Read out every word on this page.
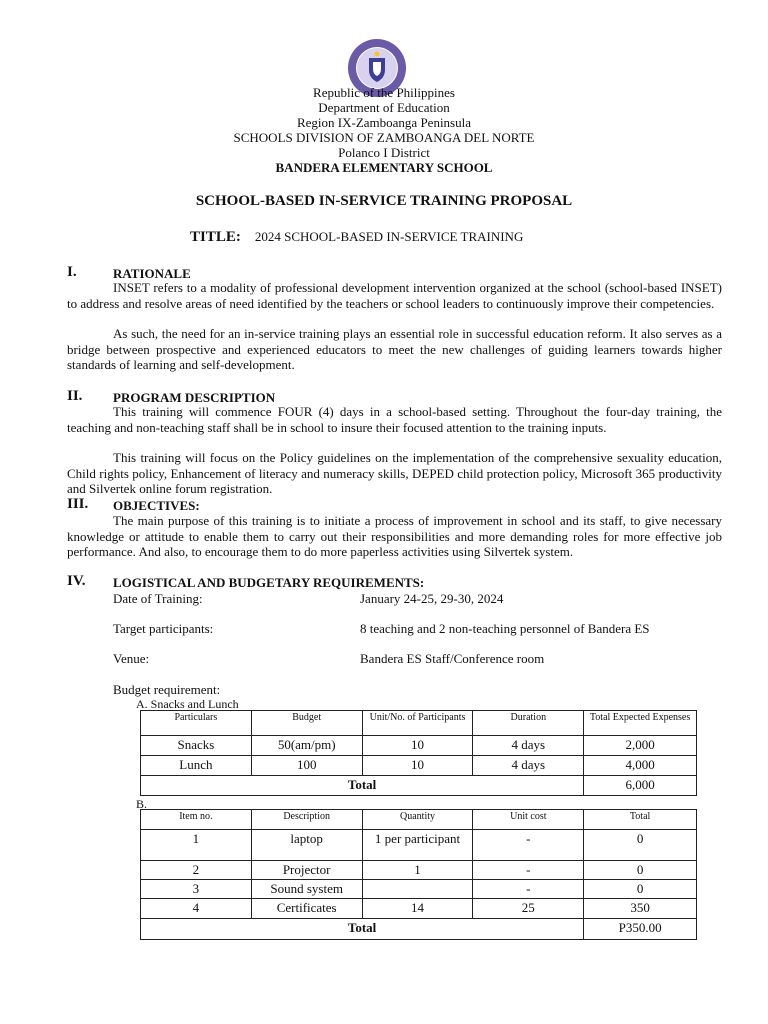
Republic of the Philippines
Department of Education
Region IX-Zamboanga Peninsula
SCHOOLS DIVISION OF ZAMBOANGA DEL NORTE
Polanco I District
BANDERA ELEMENTARY SCHOOL
SCHOOL-BASED IN-SERVICE TRAINING PROPOSAL
TITLE: 2024 SCHOOL-BASED IN-SERVICE TRAINING
I.	RATIONALE
INSET refers to a modality of professional development intervention organized at the school (school-based INSET) to address and resolve areas of need identified by the teachers or school leaders to continuously improve their competencies.
As such, the need for an in-service training plays an essential role in successful education reform. It also serves as a bridge between prospective and experienced educators to meet the new challenges of guiding learners towards higher standards of learning and self-development.
II. PROGRAM DESCRIPTION
This training will commence FOUR (4) days in a school-based setting. Throughout the four-day training, the teaching and non-teaching staff shall be in school to insure their focused attention to the training inputs.
This training will focus on the Policy guidelines on the implementation of the comprehensive sexuality education, Child rights policy, Enhancement of literacy and numeracy skills, DEPED child protection policy, Microsoft 365 productivity and Silvertek online forum registration.
III. OBJECTIVES:
The main purpose of this training is to initiate a process of improvement in school and its staff, to give necessary knowledge or attitude to enable them to carry out their responsibilities and more demanding roles for more effective job performance. And also, to encourage them to do more paperless activities using Silvertek system.
IV. LOGISTICAL AND BUDGETARY REQUIREMENTS:
Date of Training:	January 24-25, 29-30, 2024
Target participants:	8 teaching and 2 non-teaching personnel of Bandera ES
Venue:	Bandera ES Staff/Conference room
Budget requirement:
A. Snacks and Lunch
Particulars	Budget	Unit/No. of Participants	Duration	Total Expected Expenses
Snacks	50(am/pm)	10	4 days	2,000
Lunch	100	10	4 days	4,000
Total				6,000
B.
Item no.	Description	Quantity	Unit cost	Total
1	laptop	1 per participant	-	0
2	Projector	1	-	0
3	Sound system		-	0
4	Certificates	14	25	350
Total				P350.00
